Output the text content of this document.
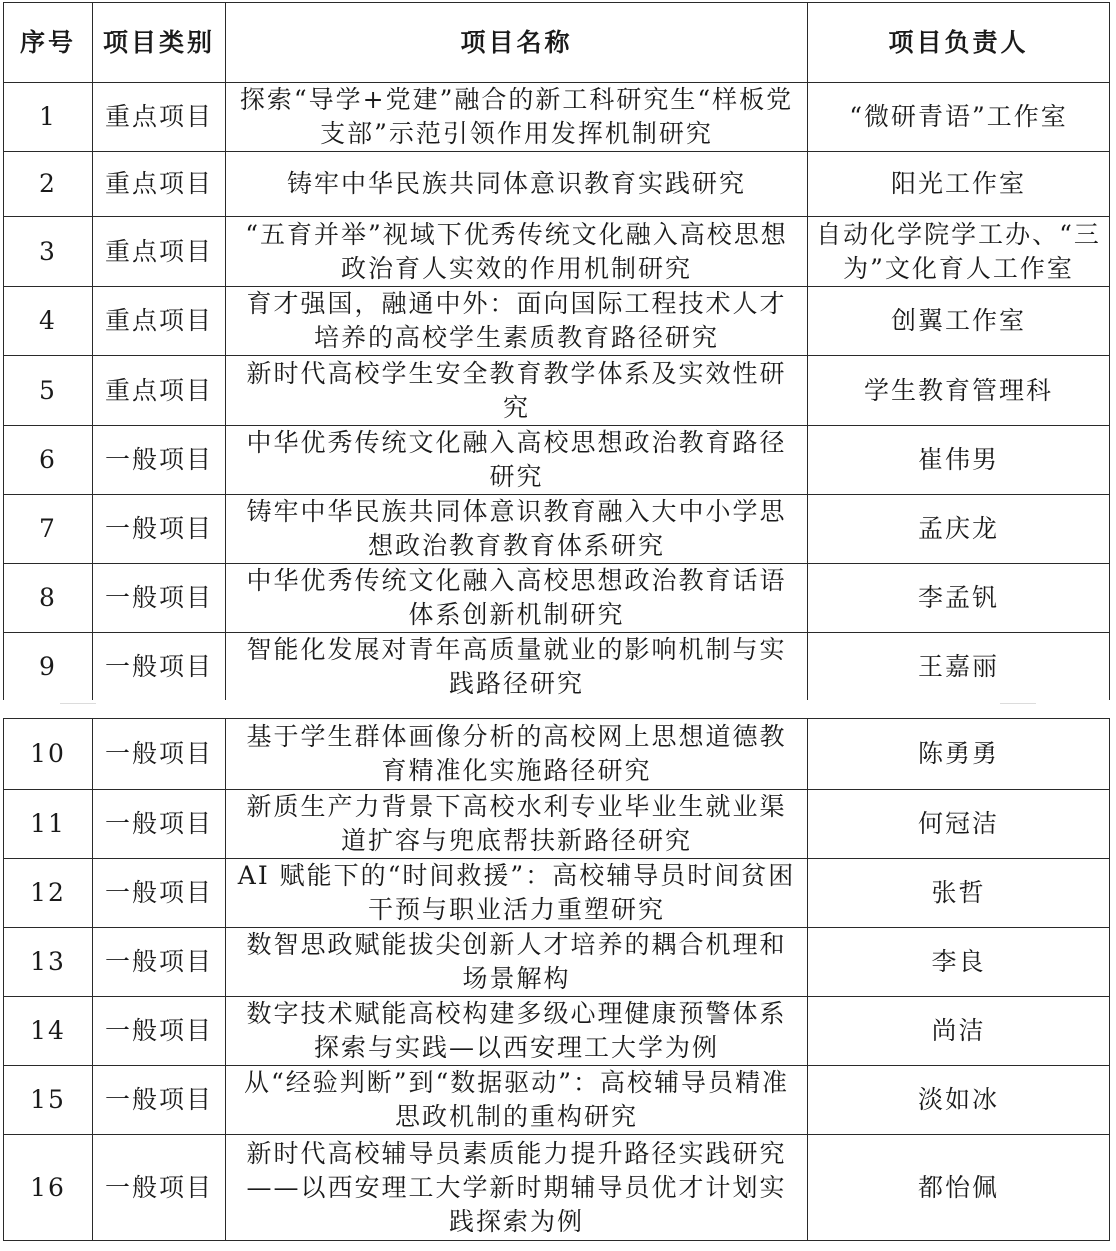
序号	项目类别	项目名称	项目负责人
1	重点项目	探索“导学+党建”融合的新工科研究生“样板党支部”示范引领作用发挥机制研究	“微研青语”工作室
2	重点项目	铸牢中华民族共同体意识教育实践研究	阳光工作室
3	重点项目	“五育并举”视域下优秀传统文化融入高校思想政治育人实效的作用机制研究	自动化学院学工办、“三为”文化育人工作室
4	重点项目	育才强国，融通中外：面向国际工程技术人才培养的高校学生素质教育路径研究	创翼工作室
5	重点项目	新时代高校学生安全教育教学体系及实效性研究	学生教育管理科
6	一般项目	中华优秀传统文化融入高校思想政治教育路径研究	崔伟男
7	一般项目	铸牢中华民族共同体意识教育融入大中小学思想政治教育教育体系研究	孟庆龙
8	一般项目	中华优秀传统文化融入高校思想政治教育话语体系创新机制研究	李孟钒
9	一般项目	智能化发展对青年高质量就业的影响机制与实践路径研究	王嘉丽
10	一般项目	基于学生群体画像分析的高校网上思想道德教育精准化实施路径研究	陈勇勇
11	一般项目	新质生产力背景下高校水利专业毕业生就业渠道扩容与兜底帮扶新路径研究	何冠洁
12	一般项目	AI 赋能下的“时间救援”：高校辅导员时间贫困干预与职业活力重塑研究	张哲
13	一般项目	数智思政赋能拔尖创新人才培养的耦合机理和场景解构	李良
14	一般项目	数字技术赋能高校构建多级心理健康预警体系探索与实践—以西安理工大学为例	尚洁
15	一般项目	从“经验判断”到“数据驱动”：高校辅导员精准思政机制的重构研究	淡如冰
16	一般项目	新时代高校辅导员素质能力提升路径实践研究——以西安理工大学新时期辅导员优才计划实践探索为例	都怡佩
